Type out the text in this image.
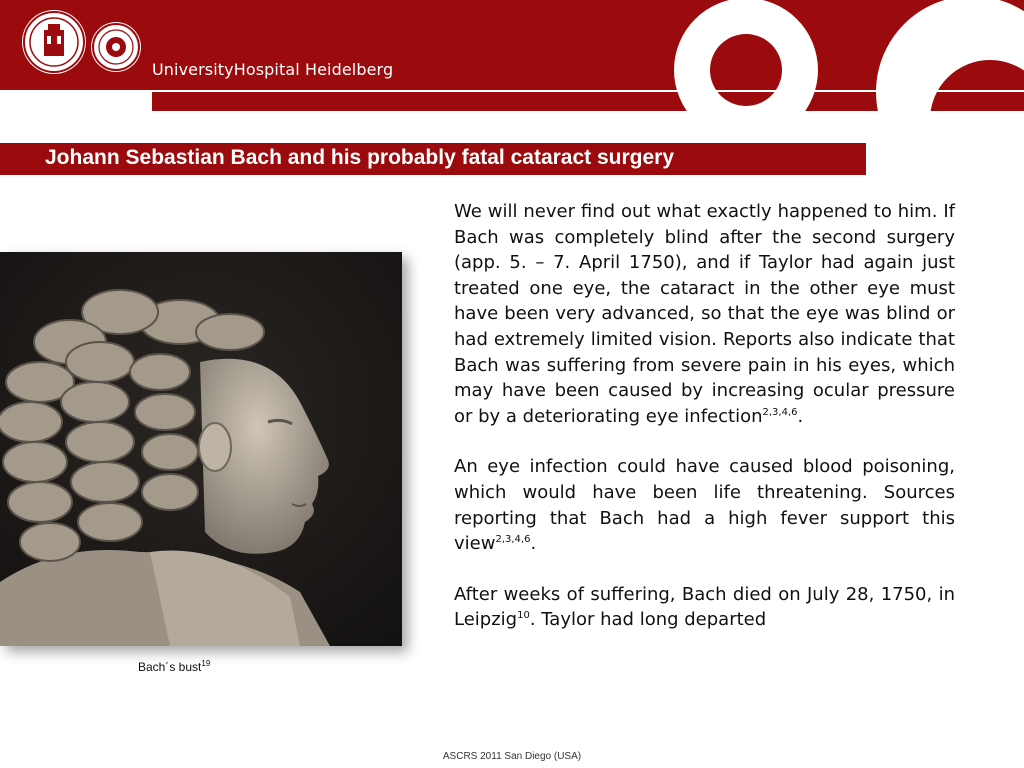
UniversityHospital Heidelberg
Johann Sebastian Bach and his probably fatal cataract surgery
Bach´s bust$^{19}$

We will never find out what exactly happened to him. If Bach was completely blind after the second surgery (app. 5. – 7. April 1750), and if Taylor had again just treated one eye, the cataract in the other eye must have been very advanced, so that the eye was blind or had extremely limited vision. Reports also indicate that Bach was suffering from severe pain in his eyes, which may have been caused by increasing ocular pressure or by a deteriorating eye infection$^{2,3,4,6}$.

An eye infection could have caused blood poisoning, which would have been life threatening. Sources reporting that Bach had a high fever support this view$^{2,3,4,6}$.

After weeks of suffering, Bach died on July 28, 1750, in Leipzig$^{10}$. Taylor had long departed

ASCRS 2011 San Diego (USA)
